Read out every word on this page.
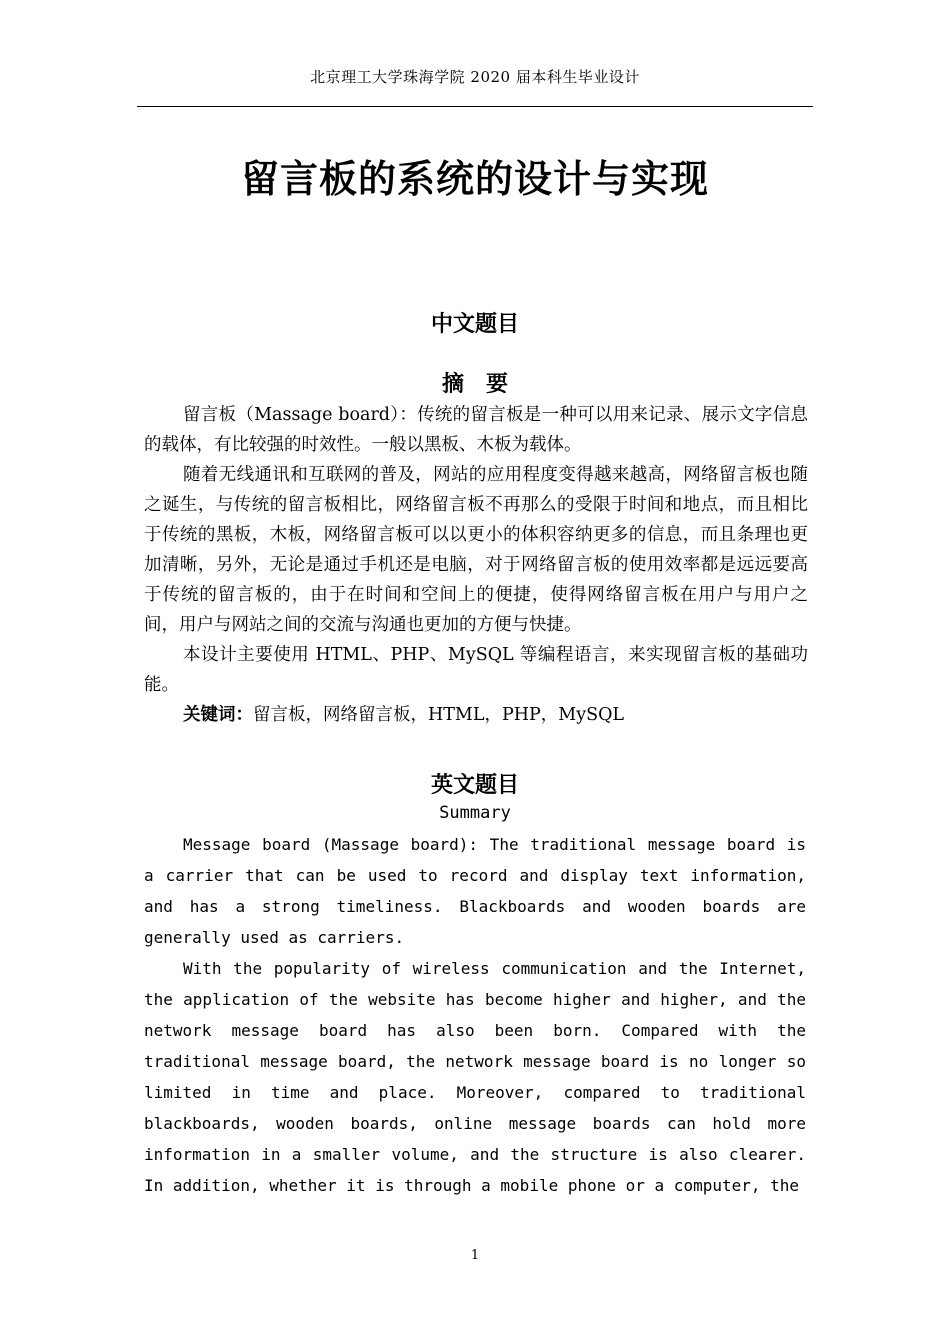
北京理工大学珠海学院 2020 届本科生毕业设计
留言板的系统的设计与实现
中文题目
摘　要

留言板（Massage board）：传统的留言板是一种可以用来记录、展示文字信息的载体，有比较强的时效性。一般以黑板、木板为载体。

随着无线通讯和互联网的普及，网站的应用程度变得越来越高，网络留言板也随之诞生，与传统的留言板相比，网络留言板不再那么的受限于时间和地点，而且相比于传统的黑板，木板，网络留言板可以以更小的体积容纳更多的信息，而且条理也更加清晰，另外，无论是通过手机还是电脑，对于网络留言板的使用效率都是远远要高于传统的留言板的，由于在时间和空间上的便捷，使得网络留言板在用户与用户之间，用户与网站之间的交流与沟通也更加的方便与快捷。

本设计主要使用 HTML、PHP、MySQL 等编程语言，来实现留言板的基础功能。

关键词：留言板，网络留言板，HTML，PHP，MySQL

英文题目
Summary

Message board (Massage board): The traditional message board is a carrier that can be used to record and display text information, and has a strong timeliness. Blackboards and wooden boards are generally used as carriers.

With the popularity of wireless communication and the Internet, the application of the website has become higher and higher, and the network message board has also been born. Compared with the traditional message board, the network message board is no longer so limited in time and place. Moreover, compared to traditional blackboards, wooden boards, online message boards can hold more information in a smaller volume, and the structure is also clearer. In addition, whether it is through a mobile phone or a computer, the

1
